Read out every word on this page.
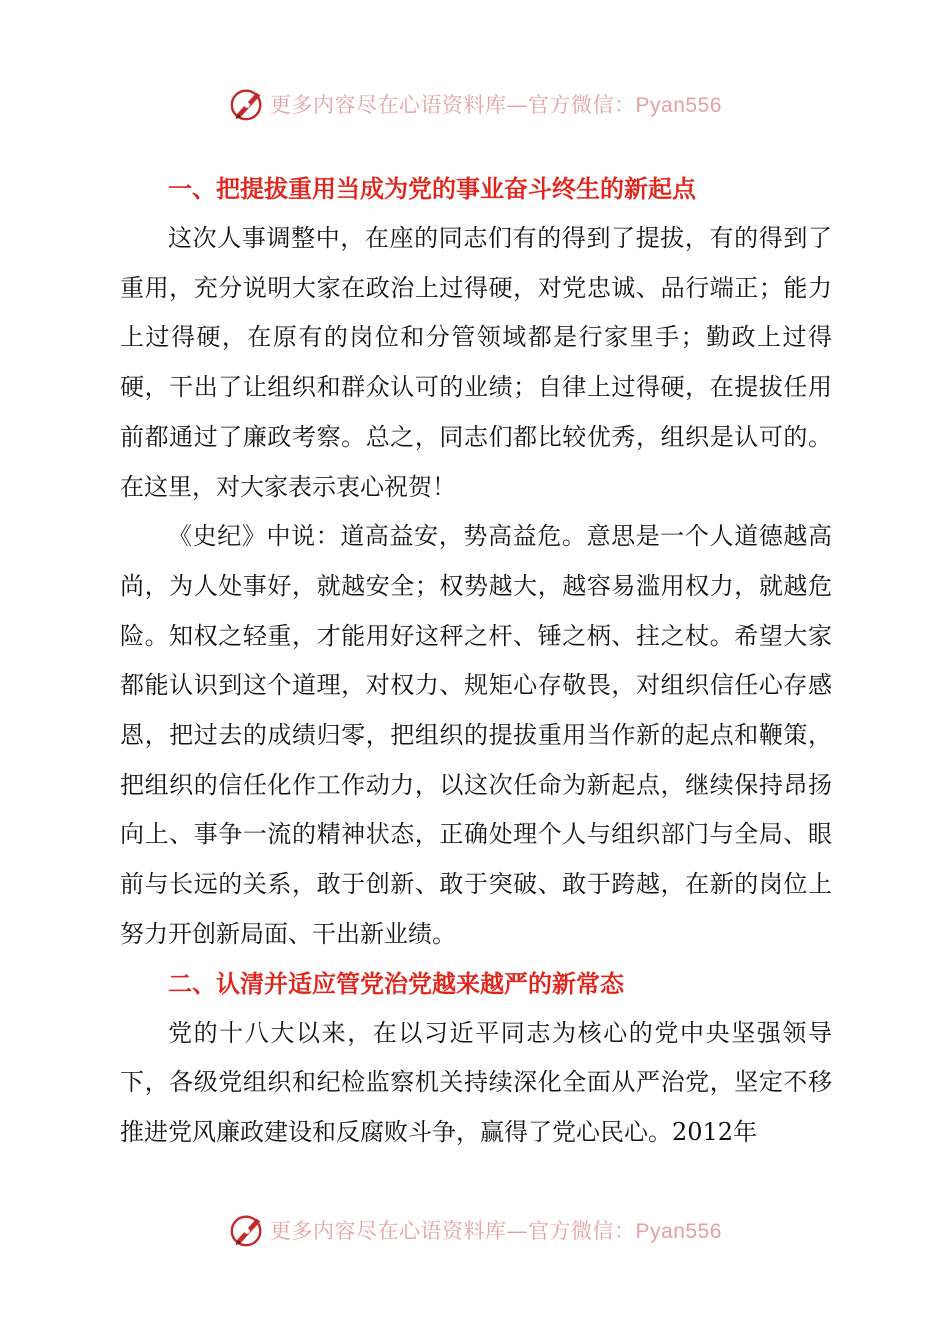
更多内容尽在心语资料库—官方微信：Pyan556
一、把提拔重用当成为党的事业奋斗终生的新起点

这次人事调整中，在座的同志们有的得到了提拔，有的得到了重用，充分说明大家在政治上过得硬，对党忠诚、品行端正；能力上过得硬，在原有的岗位和分管领域都是行家里手；勤政上过得硬，干出了让组织和群众认可的业绩；自律上过得硬，在提拔任用前都通过了廉政考察。总之，同志们都比较优秀，组织是认可的。在这里，对大家表示衷心祝贺！

《史纪》中说：道高益安，势高益危。意思是一个人道德越高尚，为人处事好，就越安全；权势越大，越容易滥用权力，就越危险。知权之轻重，才能用好这秤之杆、锤之柄、拄之杖。希望大家都能认识到这个道理，对权力、规矩心存敬畏，对组织信任心存感恩，把过去的成绩归零，把组织的提拔重用当作新的起点和鞭策，把组织的信任化作工作动力，以这次任命为新起点，继续保持昂扬向上、事争一流的精神状态，正确处理个人与组织部门与全局、眼前与长远的关系，敢于创新、敢于突破、敢于跨越，在新的岗位上努力开创新局面、干出新业绩。

二、认清并适应管党治党越来越严的新常态

党的十八大以来，在以习近平同志为核心的党中央坚强领导下，各级党组织和纪检监察机关持续深化全面从严治党，坚定不移推进党风廉政建设和反腐败斗争，赢得了党心民心。2012年

更多内容尽在心语资料库—官方微信：Pyan556
